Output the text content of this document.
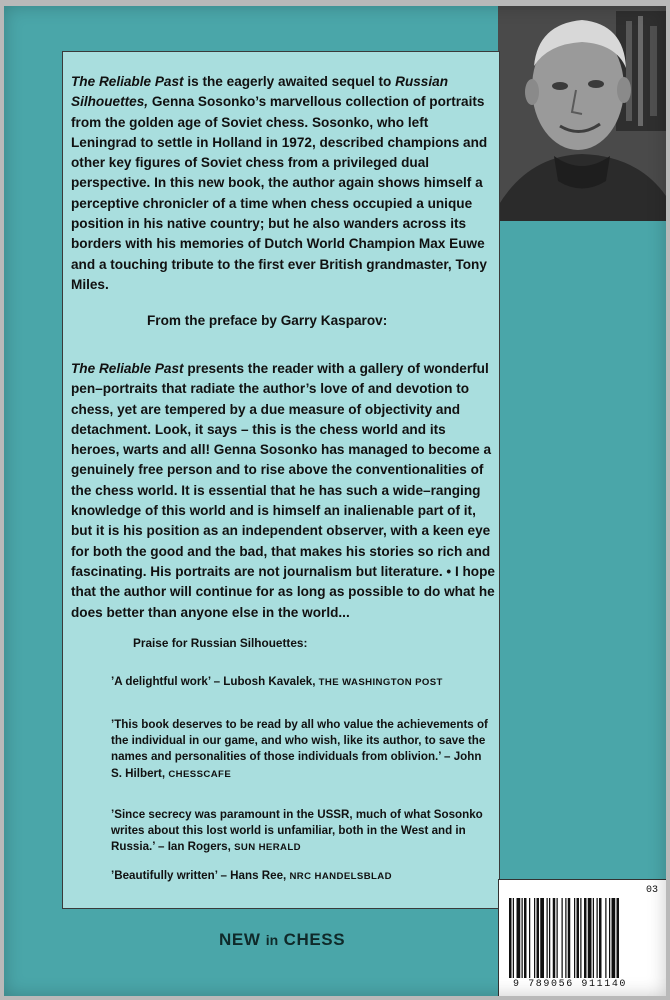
The Reliable Past is the eagerly awaited sequel to Russian Silhouettes, Genna Sosonko’s marvellous collection of portraits from the golden age of Soviet chess. Sosonko, who left Leningrad to settle in Holland in 1972, described champions and other key figures of Soviet chess from a privileged dual perspective. In this new book, the author again shows himself a perceptive chronicler of a time when chess occupied a unique position in his native country; but he also wanders across its borders with his memories of Dutch World Champion Max Euwe and a touching tribute to the first ever British grandmaster, Tony Miles.

From the preface by Garry Kasparov:

The Reliable Past presents the reader with a gallery of wonderful pen–portraits that radiate the author’s love of and devotion to chess, yet are tempered by a due measure of objectivity and detachment. Look, it says – this is the chess world and its heroes, warts and all! Genna Sosonko has managed to become a genuinely free person and to rise above the conventionalities of the chess world. It is essential that he has such a wide–ranging knowledge of this world and is himself an inalienable part of it, but it is his position as an independent observer, with a keen eye for both the good and the bad, that makes his stories so rich and fascinating. His portraits are not journalism but literature. • I hope that the author will continue for as long as possible to do what he does better than anyone else in the world...

Praise for Russian Silhouettes:

’A delightful work’ – Lubosh Kavalek, THE WASHINGTON POST

’This book deserves to be read by all who value the achievements of the individual in our game, and who wish, like its author, to save the names and personalities of those individuals from oblivion.’ – John S. Hilbert, CHESSCAFE

’Since secrecy was paramount in the USSR, much of what Sosonko writes about this lost world is unfamiliar, both in the West and in Russia.’ – Ian Rogers, SUN HERALD

’Beautifully written’ – Hans Ree, NRC HANDELSBLAD

NEW in CHESS
03
9 789056 911140
